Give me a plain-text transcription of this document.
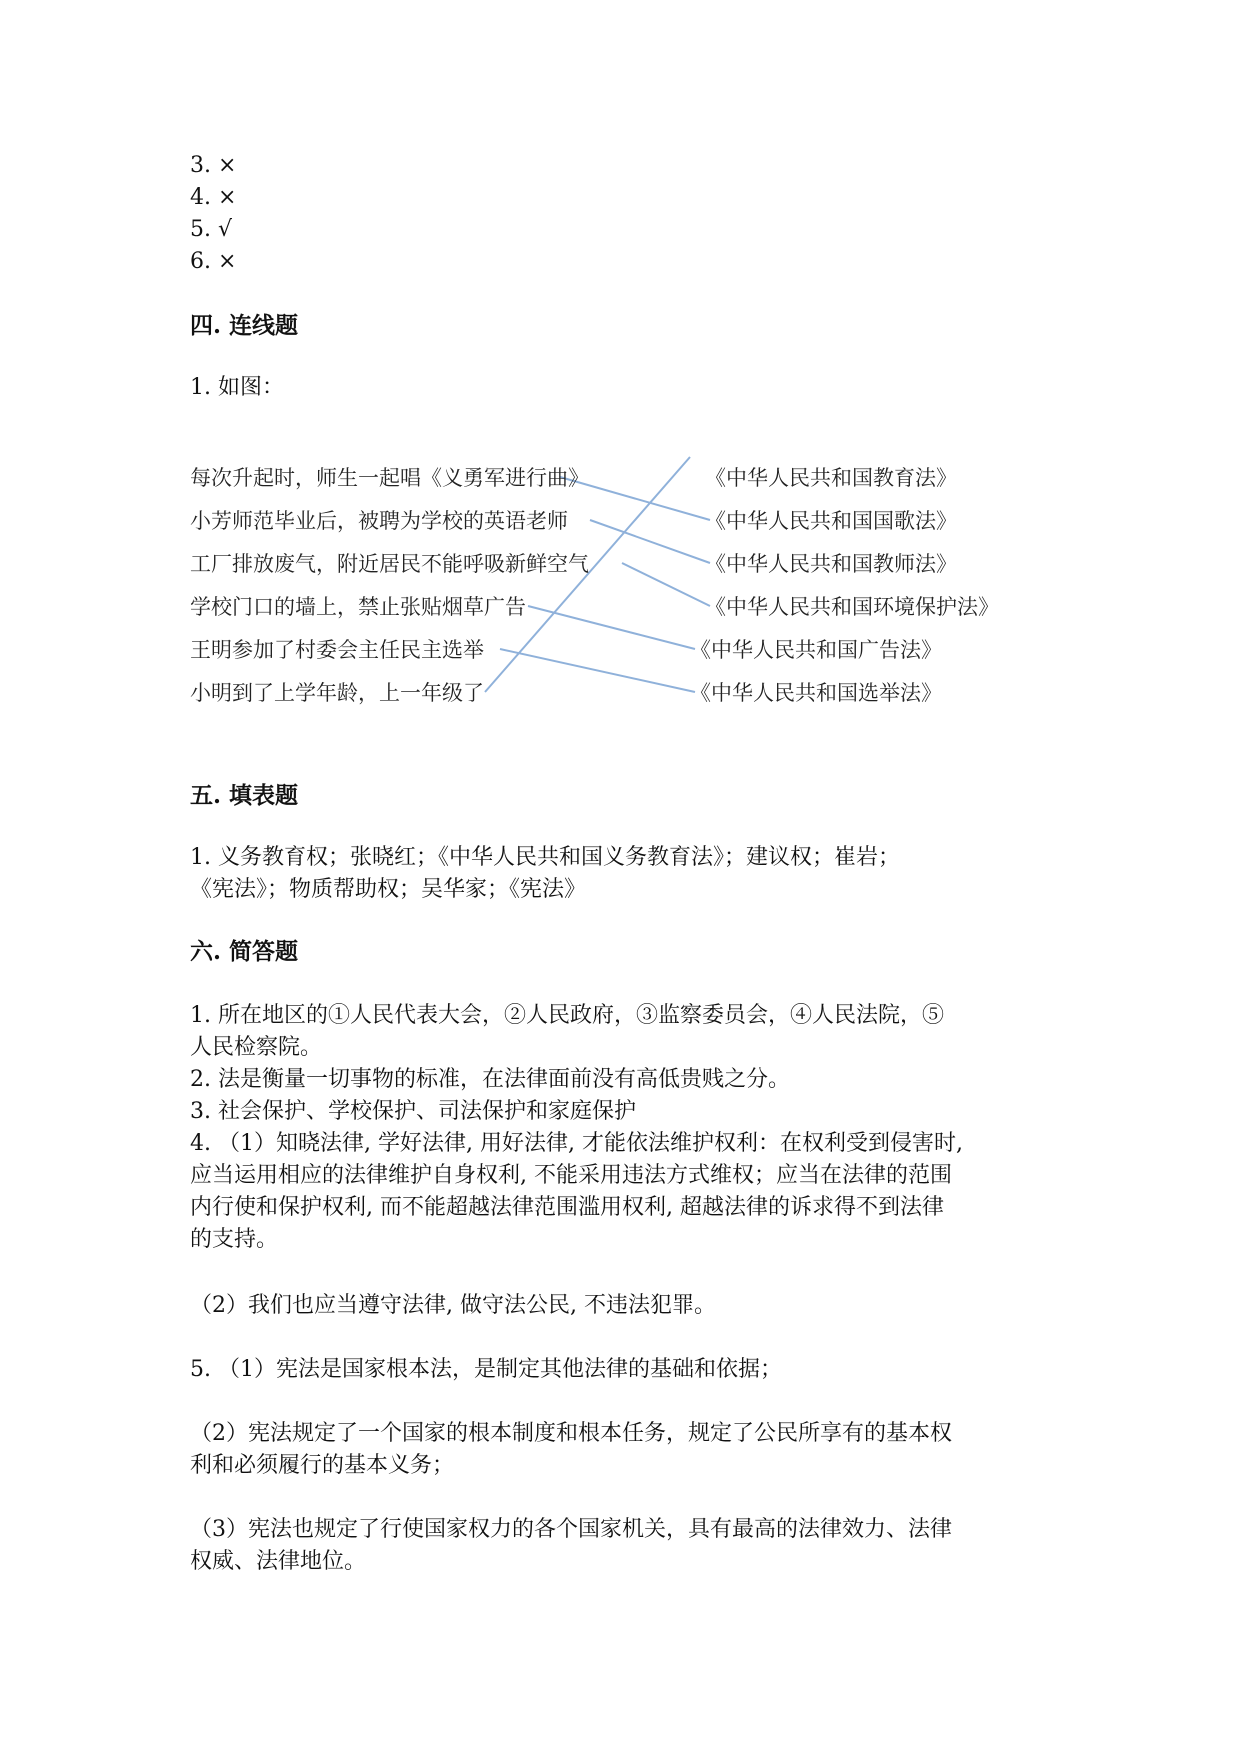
3. ×
4. ×
5. √
6. ×
四. 连线题
1. 如图：
每次升起时，师生一起唱《义勇军进行曲》
小芳师范毕业后，被聘为学校的英语老师
工厂排放废气，附近居民不能呼吸新鲜空气
学校门口的墙上，禁止张贴烟草广告
王明参加了村委会主任民主选举
小明到了上学年龄，上一年级了
《中华人民共和国教育法》
《中华人民共和国国歌法》
《中华人民共和国教师法》
《中华人民共和国环境保护法》
《中华人民共和国广告法》
《中华人民共和国选举法》
五. 填表题
1. 义务教育权；张晓红；《中华人民共和国义务教育法》；建议权；崔岩；
《宪法》；物质帮助权；吴华家；《宪法》
六. 简答题
1. 所在地区的①人民代表大会，②人民政府，③监察委员会，④人民法院，⑤
人民检察院。
2. 法是衡量一切事物的标准，在法律面前没有高低贵贱之分。
3. 社会保护、学校保护、司法保护和家庭保护
4. （1）知晓法律, 学好法律, 用好法律, 才能依法维护权利：在权利受到侵害时,
应当运用相应的法律维护自身权利, 不能采用违法方式维权；应当在法律的范围
内行使和保护权利, 而不能超越法律范围滥用权利, 超越法律的诉求得不到法律
的支持。
（2）我们也应当遵守法律, 做守法公民, 不违法犯罪。
5. （1）宪法是国家根本法，是制定其他法律的基础和依据；
（2）宪法规定了一个国家的根本制度和根本任务，规定了公民所享有的基本权
利和必须履行的基本义务；
（3）宪法也规定了行使国家权力的各个国家机关，具有最高的法律效力、法律
权威、法律地位。
